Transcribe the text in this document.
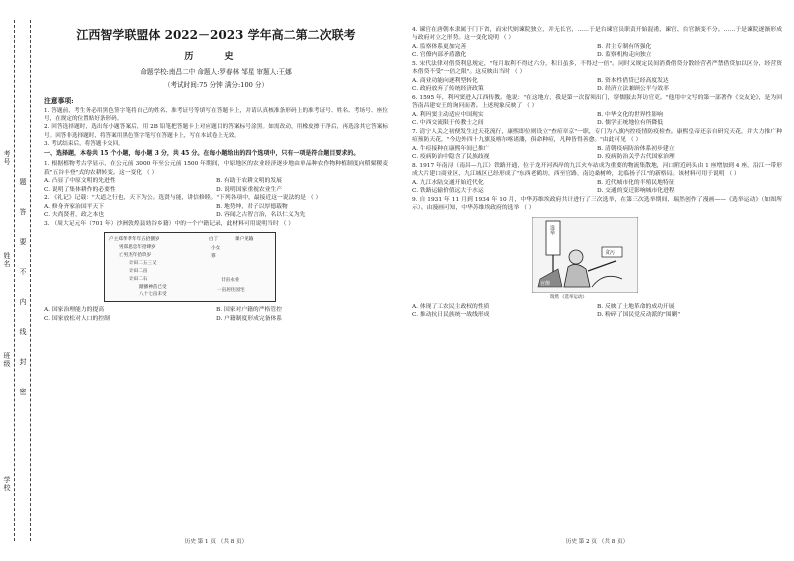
考号
题
答
要
不
内
线
封
密
姓名
班级
学校
江西智学联盟体 2022－2023 学年高二第二次联考
历 史
命题学校:南昌二中 命题人:罗春林 邹星 审题人:王娜
（考试时间:75 分钟 满分:100 分）
注意事项:

1. 答题前，考生务必用黑色签字笔将自己的姓名、准考证号等填写在答题卡上，并请认真核准条形码上的准考证号、姓名、考场号、座位号，在规定的位置贴好条形码。

2. 回答选择题时，选出每小题答案后，用 2B 铅笔把答题卡上对应题目的答案标号涂黑。如需改动，用橡皮擦干净后，再选涂其它答案标号。回答非选择题时，将答案用黑色签字笔写在答题卡上，写在本试卷上无效。

3. 考试结束后，将答题卡交回。

一、选择题，本卷共 15 个小题，每小题 3 分，共 45 分。在每小题给出的四个选项中，只有一项是符合题目要求的。

1. 根据植物考古学显示，在公元前 3000 年至公元前 1500 年期间，中原地区的农业经济逐步地由单品种农作物种植制度向稻粟稷麦菽"五谷丰登"式的农耕转变。这一变化 （ ）

A. 凸显了中原文明的先进性	B. 有助于农耕文明的发展
C. 说明了集体耕作的必要性	D. 说明国家重视农业生产

2. 《礼记》记载："大道之行也，天下为公。选贤与能，讲信修睦。"下列各项中，最接近这一说法的是 （ ）

A. 修身齐家治国平天下	B. 地势坤，君子以厚德载物
C. 夫尚贤者，政之本也	D. 容闻之古智言治，名以仁义为先

3. （周大足元年（701 年）沙洲敦煌县効谷乡籍）中的一个户籍记录，此材料可用说明当时 （ ）

户主郑孝孝年年五拾捌岁
男郑思忠年拾肆岁
亡男杰年拾玖岁
计田二五三又
计田二亩
计田二石
踏播神苗已受
八十七亩未受
白丁	课户见输
小女
寡
廿亩永业
一亩居住园宅
A. 国家治理能力的提高	B. 国家对户籍的严格管控
C. 国家放松对人口的控制	D. 户籍制度形成完备体系
历史 第 1 页 （共 8 页）

4. 谏官在唐朝本隶属于门下省，而宋代则谏院独立，并无长官，……于是台谏官员职责开始混淆，谏官、台官渐变不分。……于是谏院逐渐形成与政府对立之形势。这一变化说明 （ ）

A. 监察体系更加完善	B. 君主专制有所强化
C. 官僚内部矛盾激化	D. 监察机构走向独立

5. 宋代法律对借贷利息规定，"每月取利不得过六分，积日虽多，不得过一倍"。同时又规定民间消费借贷分散经营者严禁借贷加以区分，经营资本借贷不受"一倍之限"。这反映出当时 （ ）

A. 商业功能向逐利型转化	B. 资本性借贷已经高度发达
C. 政府放弃了传统经济政策	D. 经济立法兼顾公平与效率

6. 1595 年，利玛窦进入江西传教。他说："在这地方，我是第一次留须出门，穿儒服去拜访官吏。"他用中文写的第一部著作《交友论》，是为回答南昌建安王的询问而著。上述现象反映了 （ ）

A. 利玛窦主动适应中国现实	B. 中华文化的世界性影响
C. 中西交流限于传教士之间	D. 儒学正统地位有所降低

7. 清宁人关之初便发生过天花流行，康熙即位则设立"查痘章京"一职，专门为八旗内控疫情防疫检查。康熙皇帝还亲自研究天花，并大力推广种痘预防天花，"今边外四十九旗及喀尔喀诸藩，俱命种痘，凡种皆得善愈。"由此可见 （ ）

A. 牛痘接种在康熙年间已推广	B. 清朝疫病防治体系初步建立
C. 疫病防治中隐含了民族歧视	D. 疫病防治关乎古代国家治理

8. 1917 年南浔（南昌—九江）铁路开通，位于龙开河西岸的九江火车站成为重要的物流集散地，河口附近码头由 1 座增加到 4 座，沿江一带形成大片建口商业区，九江城区已经形成了"东西老鹤坊，西至官路，南边桑树岭，北临扬子江"的新格局。该材料可用于说明 （ ）

A. 九江水陆交通开始近代化	B. 近代城市化的半殖民地特征
C. 铁路运输价值远大于水运	D. 交通的变迁影响城市化进程

9. 自 1931 年 11 月到 1934 年 10 月，中华苏维埃政府共计进行了三次选举，在第三次选举期间，瑞然创作了漫画——《选举运动》（如图所示）。由漫画可知，中华苏维埃政府的选举 （ ）

选举
贪污
官僚
瑞然 《选举运动》
A. 体现了工农民主政权的性质	B. 反映了土地革命的成功开展
C. 推动抗日民族统一战线形成	D. 粉碎了国民党反动派的"围剿"
历史 第 2 页 （共 8 页）
